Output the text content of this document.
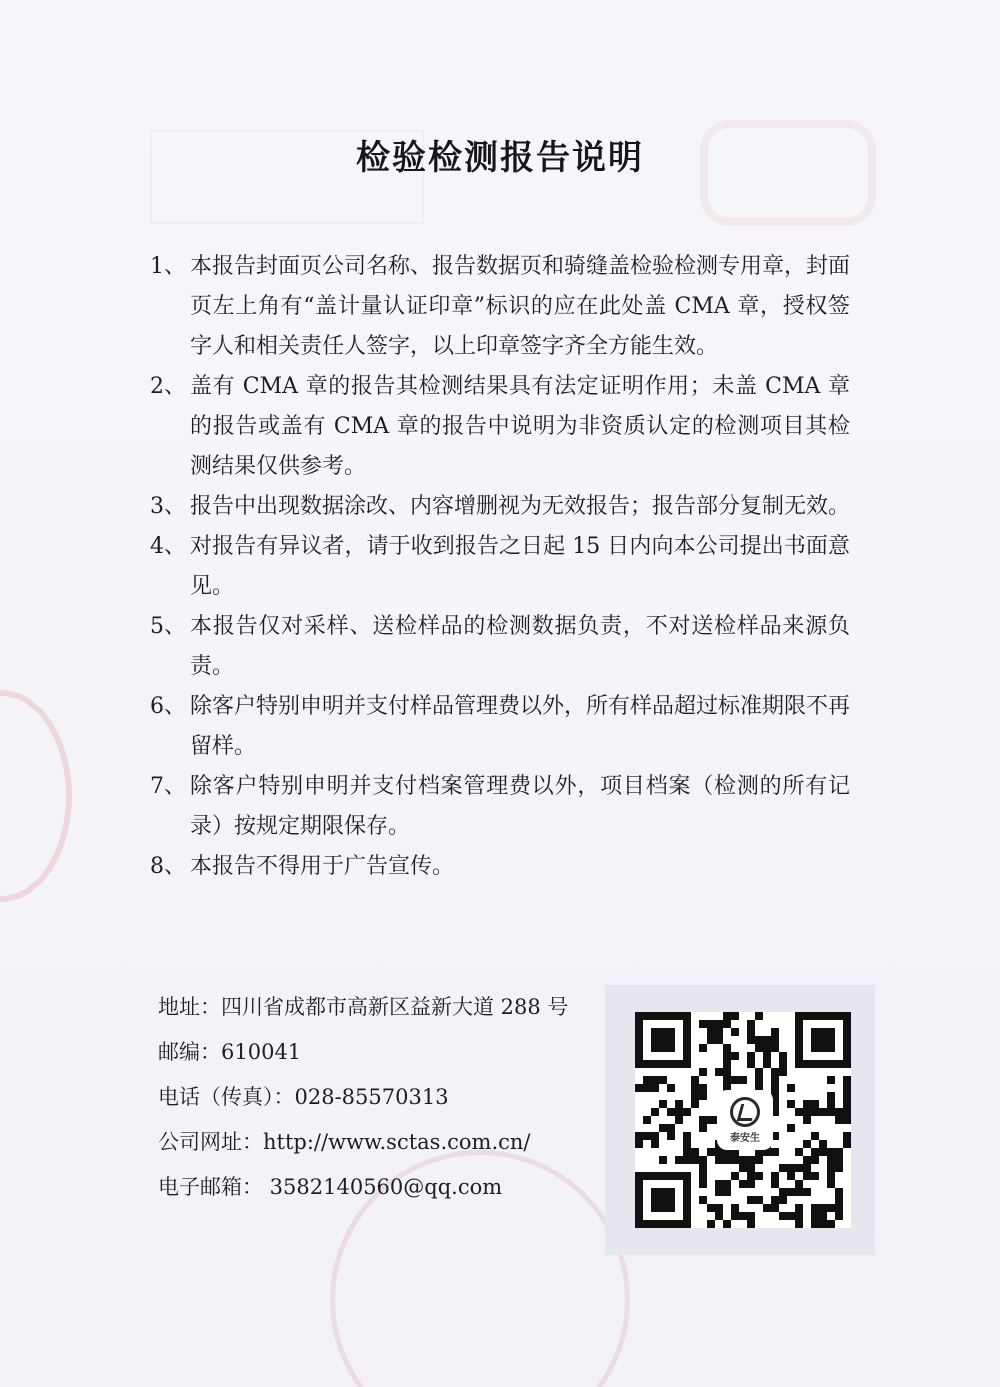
检验检测报告说明
1、 本报告封面页公司名称、报告数据页和骑缝盖检验检测专用章，封面页左上角有“盖计量认证印章”标识的应在此处盖 CMA 章，授权签字人和相关责任人签字，以上印章签字齐全方能生效。
2、 盖有 CMA 章的报告其检测结果具有法定证明作用；未盖 CMA 章的报告或盖有 CMA 章的报告中说明为非资质认定的检测项目其检测结果仅供参考。
3、 报告中出现数据涂改、内容增删视为无效报告；报告部分复制无效。
4、 对报告有异议者，请于收到报告之日起 15 日内向本公司提出书面意见。
5、 本报告仅对采样、送检样品的检测数据负责，不对送检样品来源负责。
6、 除客户特别申明并支付样品管理费以外，所有样品超过标准期限不再留样。
7、 除客户特别申明并支付档案管理费以外，项目档案（检测的所有记录）按规定期限保存。
8、 本报告不得用于广告宣传。
地址：四川省成都市高新区益新大道 288 号
邮编：610041
电话（传真）：028-85570313
公司网址：http://www.sctas.com.cn/
电子邮箱： 3582140560@qq.com
泰安生
